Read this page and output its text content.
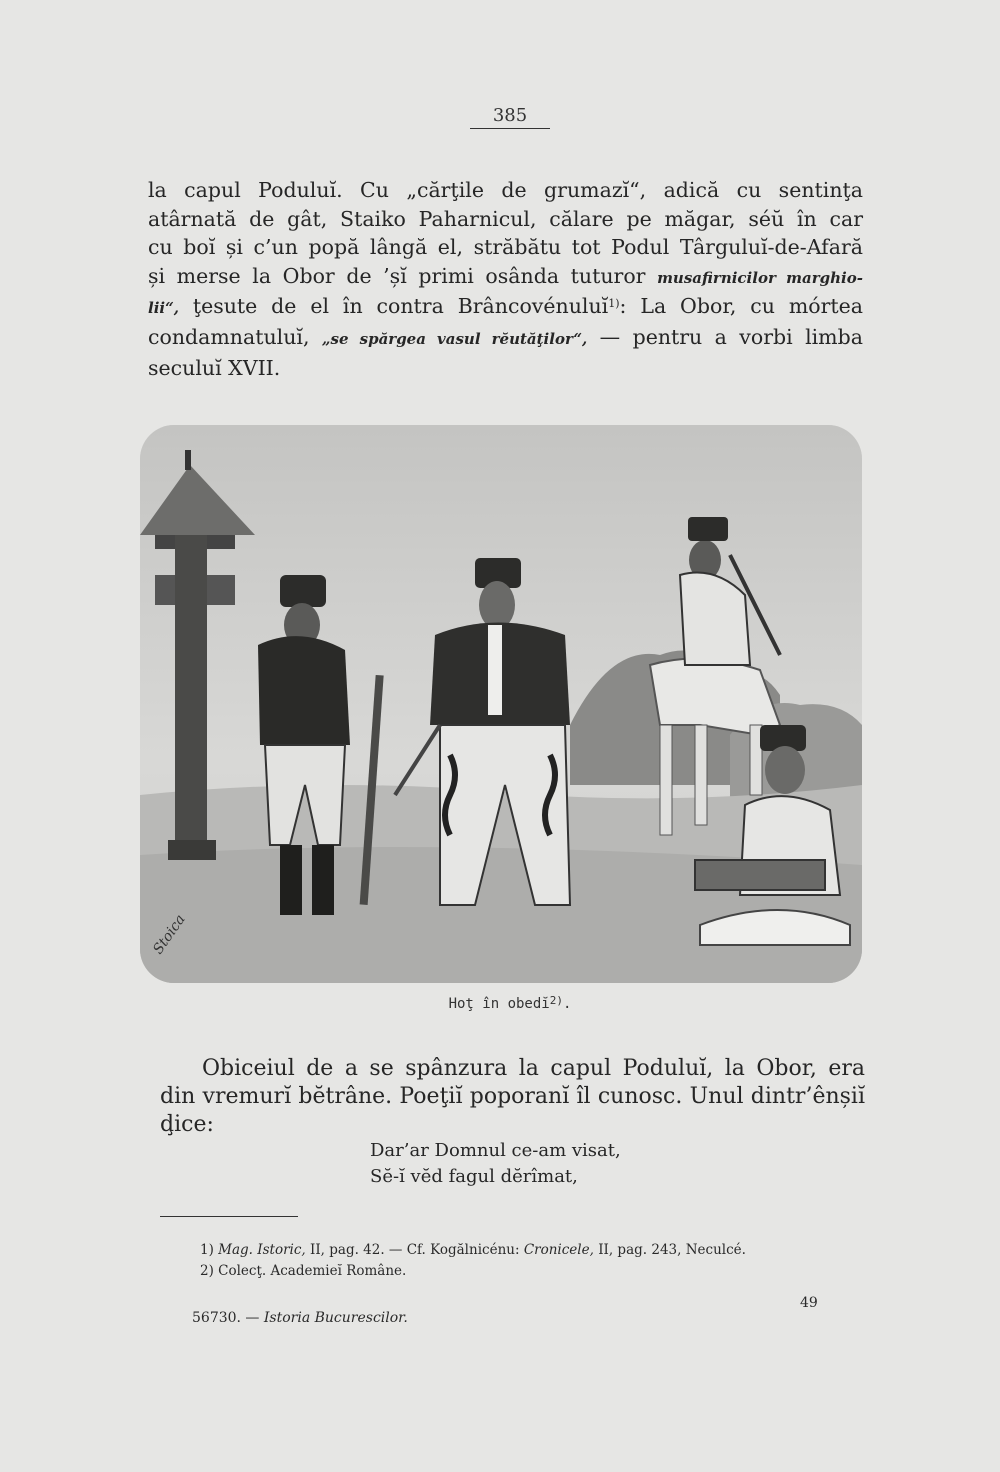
385
la capul Poduluĭ. Cu „cărţile de grumazĭ“, adică cu sentinţa
atârnată de gât, Staiko Paharnicul, călare pe măgar, séŭ în car
cu boĭ și c’un popă lângă el, străbătu tot Podul Târguluĭ-de-Afară
și merse la Obor de ’șĭ primi osânda tuturor musafirnicilor marghio-
lii“, ţesute de el în contra Brâncovénuluĭ$^{1)}$: La Obor, cu mórtea
condamnatuluĭ, „se spărgea vasul rĕutăţilor“, — pentru a vorbi limba
seculuĭ XVII.
Stoica
Hoţ în obedĭ$^{2)}$.
Obiceiul de a se spânzura la capul Poduluĭ, la Obor, era
din vremurĭ bĕtrâne. Poeţiĭ poporanĭ îl cunosc. Unul dintr’ênșiĭ
ḑice:
Dar’ar Domnul ce-am visat,
Sĕ-ĭ vĕd fagul dĕrîmat,
1) Mag. Istoric, II, pag. 42. — Cf. Kogălnicénu: Cronicele, II, pag. 243, Neculcé.
2) Colecţ. Academieĭ Române.
56730. — Istoria Bucurescilor.
49
